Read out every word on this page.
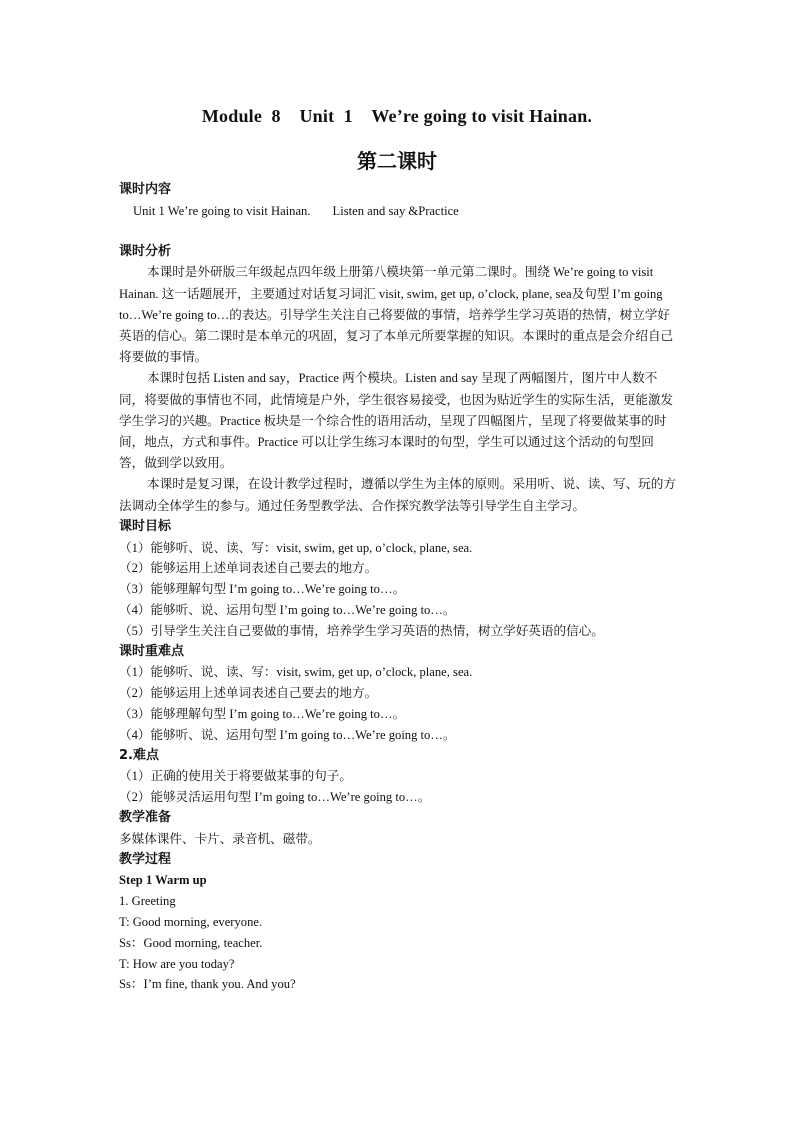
Module  8    Unit  1    We’re going to visit Hainan.
第二课时
课时内容
Unit 1 We’re going to visit Hainan.       Listen and say &Practice
课时分析
本课时是外研版三年级起点四年级上册第八模块第一单元第二课时。围绕 We’re going to visit Hainan. 这一话题展开，主要通过对话复习词汇 visit, swim, get up, o’clock, plane, sea及句型 I’m going to…We’re going to…的表达。引导学生关注自己将要做的事情，培养学生学习英语的热情，树立学好英语的信心。第二课时是本单元的巩固，复习了本单元所要掌握的知识。本课时的重点是会介绍自己将要做的事情。
本课时包括 Listen and say，Practice 两个模块。Listen and say 呈现了两幅图片，图片中人数不同，将要做的事情也不同，此情境是户外，学生很容易接受，也因为贴近学生的实际生活，更能激发学生学习的兴趣。Practice 板块是一个综合性的语用活动，呈现了四幅图片，呈现了将要做某事的时间，地点，方式和事件。Practice 可以让学生练习本课时的句型，学生可以通过这个活动的句型回答，做到学以致用。
本课时是复习课，在设计教学过程时，遵循以学生为主体的原则。采用听、说、读、写、玩的方法调动全体学生的参与。通过任务型教学法、合作探究教学法等引导学生自主学习。
课时目标
（1）能够听、说、读、写：visit, swim, get up, o’clock, plane, sea.
（2）能够运用上述单词表述自己要去的地方。
（3）能够理解句型 I’m going to…We’re going to…。
（4）能够听、说、运用句型 I’m going to…We’re going to…。
（5）引导学生关注自己要做的事情，培养学生学习英语的热情，树立学好英语的信心。
课时重难点
（1）能够听、说、读、写：visit, swim, get up, o’clock, plane, sea.
（2）能够运用上述单词表述自己要去的地方。
（3）能够理解句型 I’m going to…We’re going to…。
（4）能够听、说、运用句型 I’m going to…We’re going to…。
2.难点
（1）正确的使用关于将要做某事的句子。
（2）能够灵活运用句型 I’m going to…We’re going to…。
教学准备
多媒体课件、卡片、录音机、磁带。
教学过程
Step 1 Warm up
1. Greeting
T: Good morning, everyone.
Ss：Good morning, teacher.
T: How are you today?
Ss：I’m fine, thank you. And you?
